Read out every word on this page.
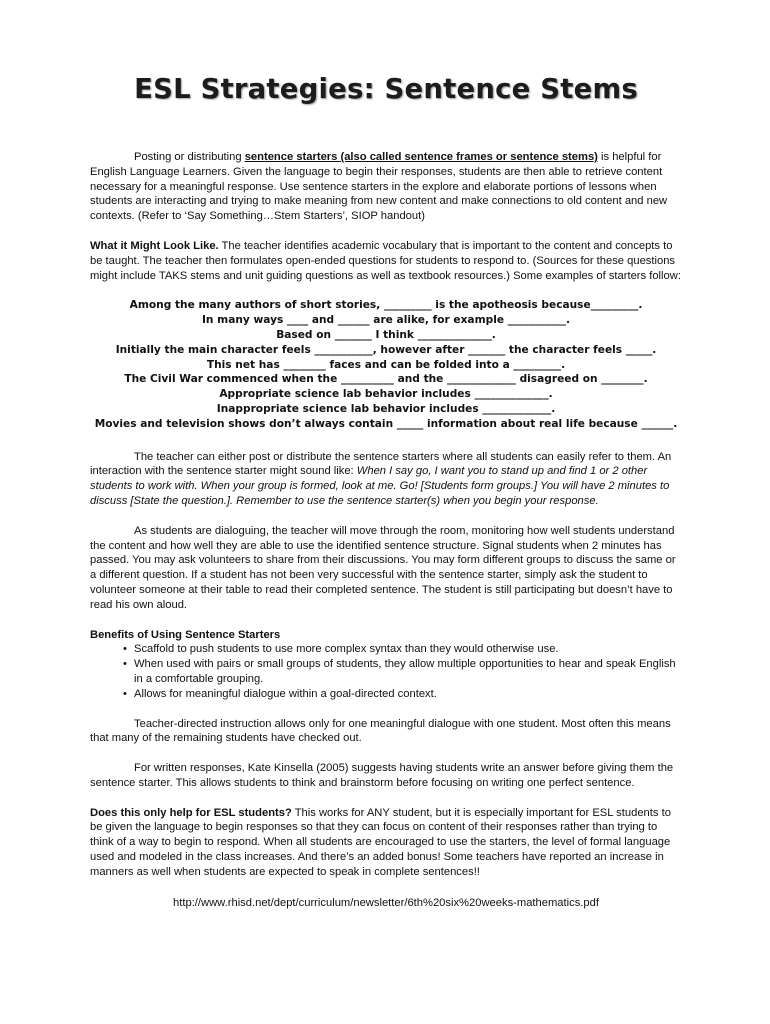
ESL Strategies: Sentence Stems

Posting or distributing sentence starters (also called sentence frames or sentence stems) is helpful for English Language Learners. Given the language to begin their responses, students are then able to retrieve content necessary for a meaningful response. Use sentence starters in the explore and elaborate portions of lessons when students are interacting and trying to make meaning from new content and make connections to old content and new contexts. (Refer to ‘Say Something…Stem Starters’, SIOP handout)

What it Might Look Like. The teacher identifies academic vocabulary that is important to the content and concepts to be taught. The teacher then formulates open-ended questions for students to respond to. (Sources for these questions might include TAKS stems and unit guiding questions as well as textbook resources.) Some examples of starters follow:

Among the many authors of short stories, _________ is the apotheosis because_________.
In many ways ____ and ______ are alike, for example ___________.
Based on _______ I think ______________.
Initially the main character feels ___________, however after _______ the character feels _____.
This net has ________ faces and can be folded into a _________.
The Civil War commenced when the __________ and the _____________ disagreed on ________.
Appropriate science lab behavior includes ______________.
Inappropriate science lab behavior includes _____________.
Movies and television shows don’t always contain _____ information about real life because ______.

The teacher can either post or distribute the sentence starters where all students can easily refer to them. An interaction with the sentence starter might sound like: When I say go, I want you to stand up and find 1 or 2 other students to work with. When your group is formed, look at me. Go! [Students form groups.] You will have 2 minutes to discuss [State the question.]. Remember to use the sentence starter(s) when you begin your response.

As students are dialoguing, the teacher will move through the room, monitoring how well students understand the content and how well they are able to use the identified sentence structure. Signal students when 2 minutes has passed. You may ask volunteers to share from their discussions. You may form different groups to discuss the same or a different question. If a student has not been very successful with the sentence starter, simply ask the student to volunteer someone at their table to read their completed sentence. The student is still participating but doesn’t have to read his own aloud.

Benefits of Using Sentence Starters
• Scaffold to push students to use more complex syntax than they would otherwise use.
• When used with pairs or small groups of students, they allow multiple opportunities to hear and speak English in a comfortable grouping.
• Allows for meaningful dialogue within a goal-directed context.

Teacher-directed instruction allows only for one meaningful dialogue with one student. Most often this means that many of the remaining students have checked out.

For written responses, Kate Kinsella (2005) suggests having students write an answer before giving them the sentence starter. This allows students to think and brainstorm before focusing on writing one perfect sentence.

Does this only help for ESL students? This works for ANY student, but it is especially important for ESL students to be given the language to begin responses so that they can focus on content of their responses rather than trying to think of a way to begin to respond. When all students are encouraged to use the starters, the level of formal language used and modeled in the class increases. And there’s an added bonus! Some teachers have reported an increase in manners as well when students are expected to speak in complete sentences!!

http://www.rhisd.net/dept/curriculum/newsletter/6th%20six%20weeks-mathematics.pdf
